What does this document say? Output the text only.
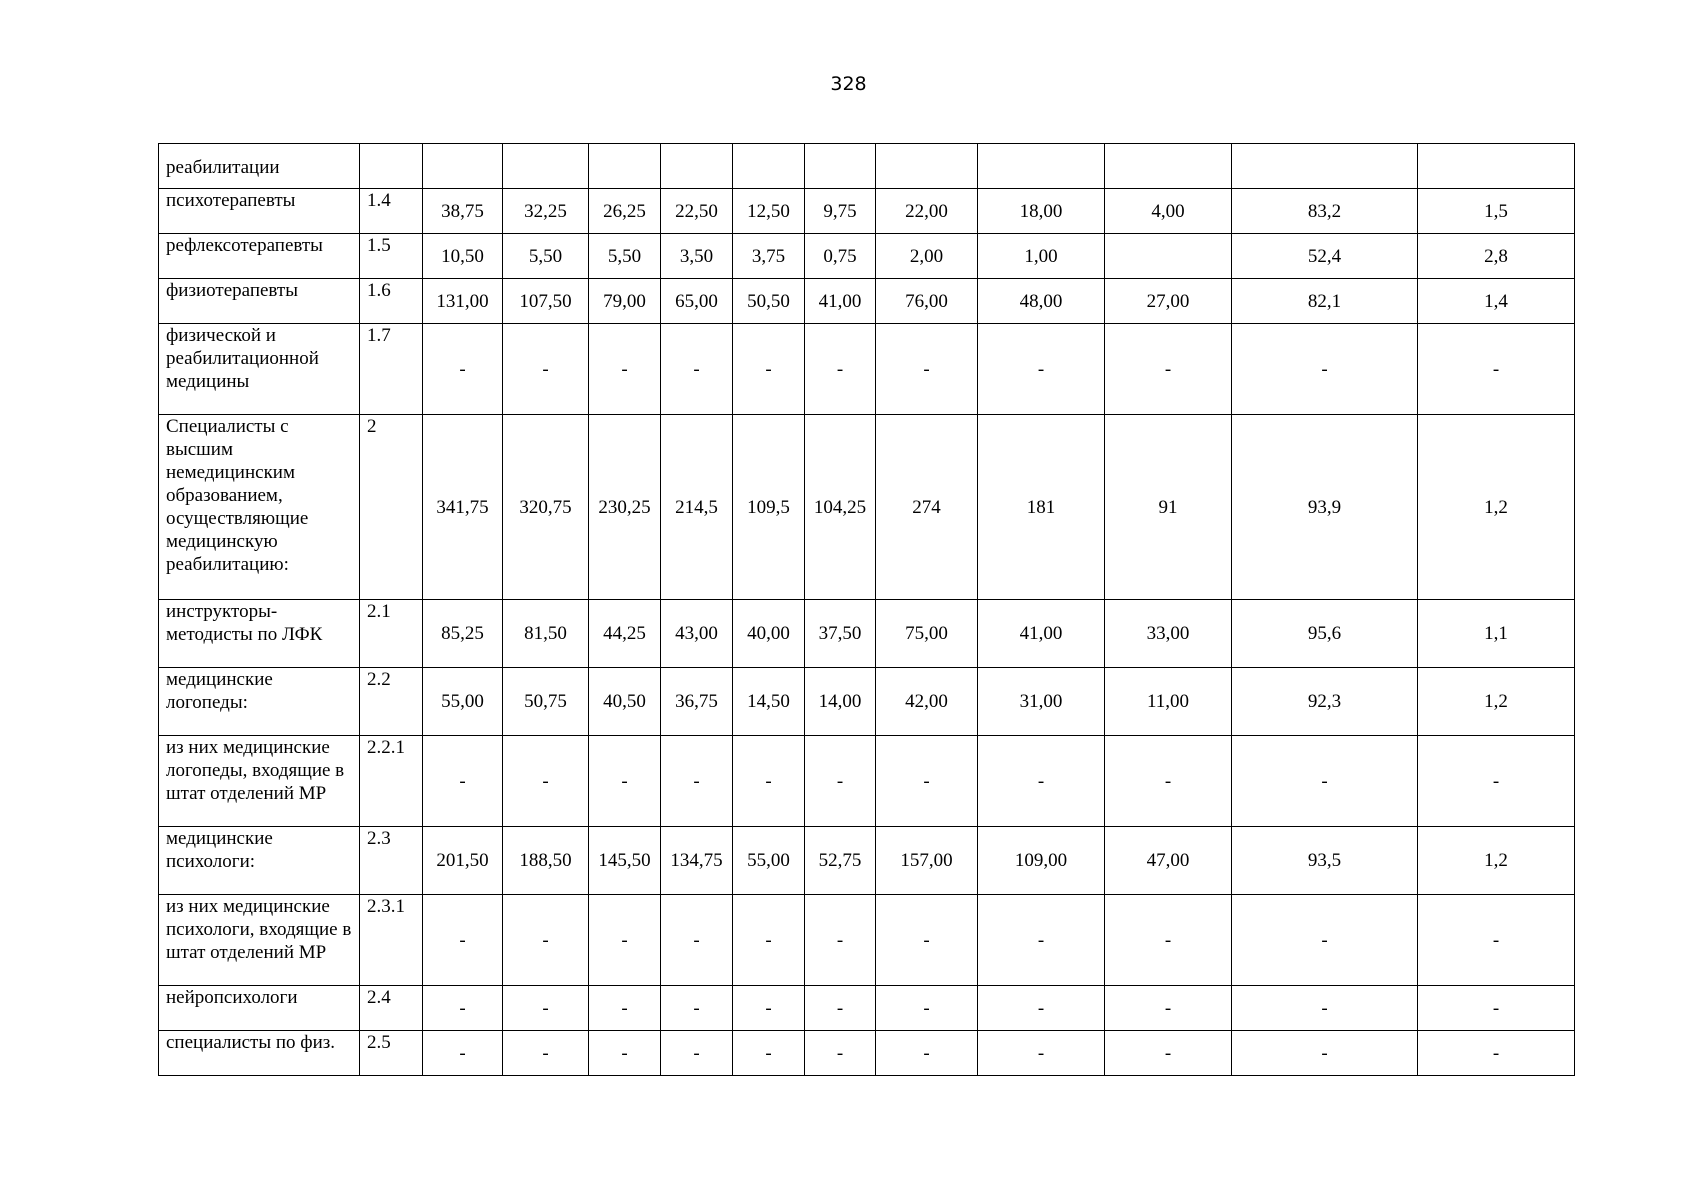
328
реабилитации												
психотерапевты	1.4	38,75	32,25	26,25	22,50	12,50	9,75	22,00	18,00	4,00	83,2	1,5
рефлексотерапевты	1.5	10,50	5,50	5,50	3,50	3,75	0,75	2,00	1,00		52,4	2,8
физиотерапевты	1.6	131,00	107,50	79,00	65,00	50,50	41,00	76,00	48,00	27,00	82,1	1,4
физической и реабилитационной медицины	1.7	-	-	-	-	-	-	-	-	-	-	-
Специалисты с высшим немедицинским образованием, осуществляющие медицинскую реабилитацию:	2	341,75	320,75	230,25	214,5	109,5	104,25	274	181	91	93,9	1,2
инструкторы-методисты по ЛФК	2.1	85,25	81,50	44,25	43,00	40,00	37,50	75,00	41,00	33,00	95,6	1,1
медицинские логопеды:	2.2	55,00	50,75	40,50	36,75	14,50	14,00	42,00	31,00	11,00	92,3	1,2
из них медицинские логопеды, входящие в штат отделений МР	2.2.1	-	-	-	-	-	-	-	-	-	-	-
медицинские психологи:	2.3	201,50	188,50	145,50	134,75	55,00	52,75	157,00	109,00	47,00	93,5	1,2
из них медицинские психологи, входящие в штат отделений МР	2.3.1	-	-	-	-	-	-	-	-	-	-	-
нейропсихологи	2.4	-	-	-	-	-	-	-	-	-	-	-
специалисты по физ.	2.5	-	-	-	-	-	-	-	-	-	-	-
